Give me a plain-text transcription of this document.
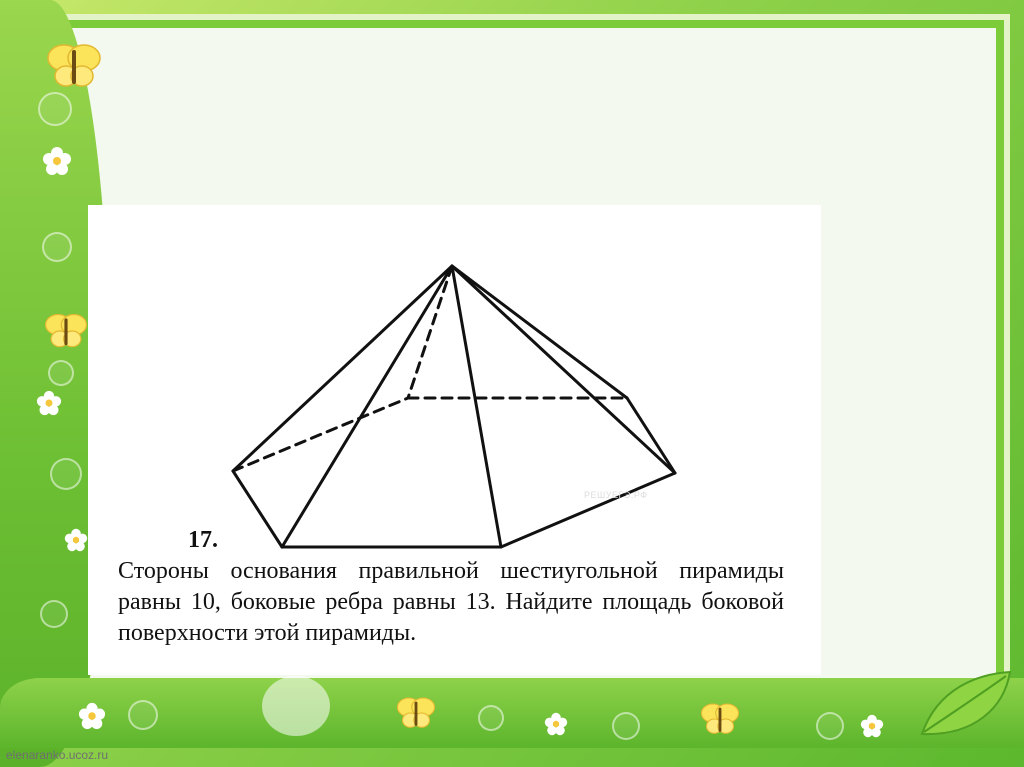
РЕШУЕГЭ.РФ
17.
Стороны основания правильной шестиугольной пирамиды равны 10, боковые ребра равны 13. Найдите площадь боковой поверхности этой пирамиды.
elenaranko.ucoz.ru
